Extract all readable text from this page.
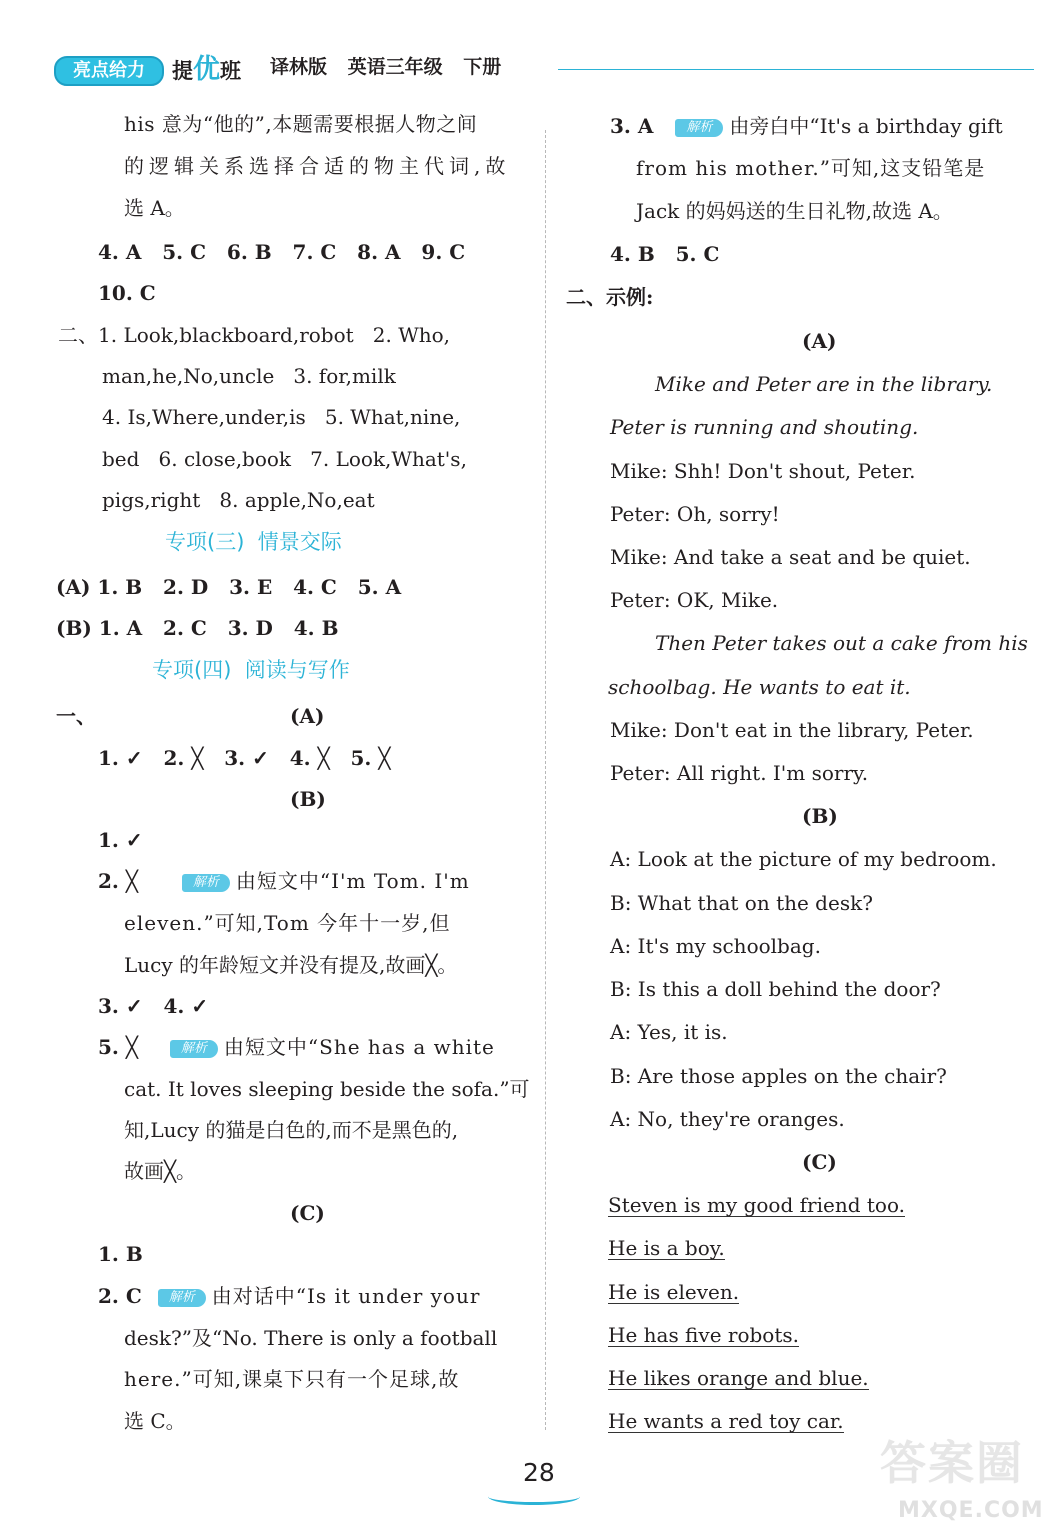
亮点给力	提优班 译林版 英语三年级 下册
his 意为“他的”,本题需要根据人物之间
的逻辑关系选择合适的物主代词,故
选 A。
4. A   5. C   6. B   7. C   8. A   9. C
10. C
二、1. Look,blackboard,robot   2. Who,
man,he,No,uncle   3. for,milk
4. Is,Where,under,is   5. What,nine,
bed   6. close,book   7. Look,What's,
pigs,right   8. apple,No,eat
专项(三)  情景交际
(A) 1. B   2. D   3. E   4. C   5. A
(B) 1. A   2. C   3. D   4. B
专项(四)  阅读与写作
一、	(A)
1. ✓   2. ╳   3. ✓   4. ╳   5. ╳
(B)
1. ✓
2. ╳	解析 由短文中“I'm Tom. I'm
eleven.”可知,Tom 今年十一岁,但
Lucy 的年龄短文并没有提及,故画╳。
3. ✓   4. ✓
5. ╳	解析 由短文中“She has a white
cat. It loves sleeping beside the sofa.”可
知,Lucy 的猫是白色的,而不是黑色的,
故画╳。
(C)
1. B
2. C 解析 由对话中“Is it under your
desk?”及“No. There is only a football
here.”可知,课桌下只有一个足球,故
选 C。
3. A	解析 由旁白中“It's a birthday gift
from his mother.”可知,这支铅笔是
Jack 的妈妈送的生日礼物,故选 A。
4. B   5. C
二、示例:
(A)
Mike and Peter are in the library.
Peter is running and shouting.
Mike: Shh! Don't shout, Peter.
Peter: Oh, sorry!
Mike: And take a seat and be quiet.
Peter: OK, Mike.
Then Peter takes out a cake from his
schoolbag. He wants to eat it.
Mike: Don't eat in the library, Peter.
Peter: All right. I'm sorry.
(B)
A: Look at the picture of my bedroom.
B: What that on the desk?
A: It's my schoolbag.
B: Is this a doll behind the door?
A: Yes, it is.
B: Are those apples on the chair?
A: No, they're oranges.
(C)
Steven is my good friend too.
He is a boy.
He is eleven.
He has five robots.
He likes orange and blue.
He wants a red toy car.
28	答案圈
MXQE.COM
